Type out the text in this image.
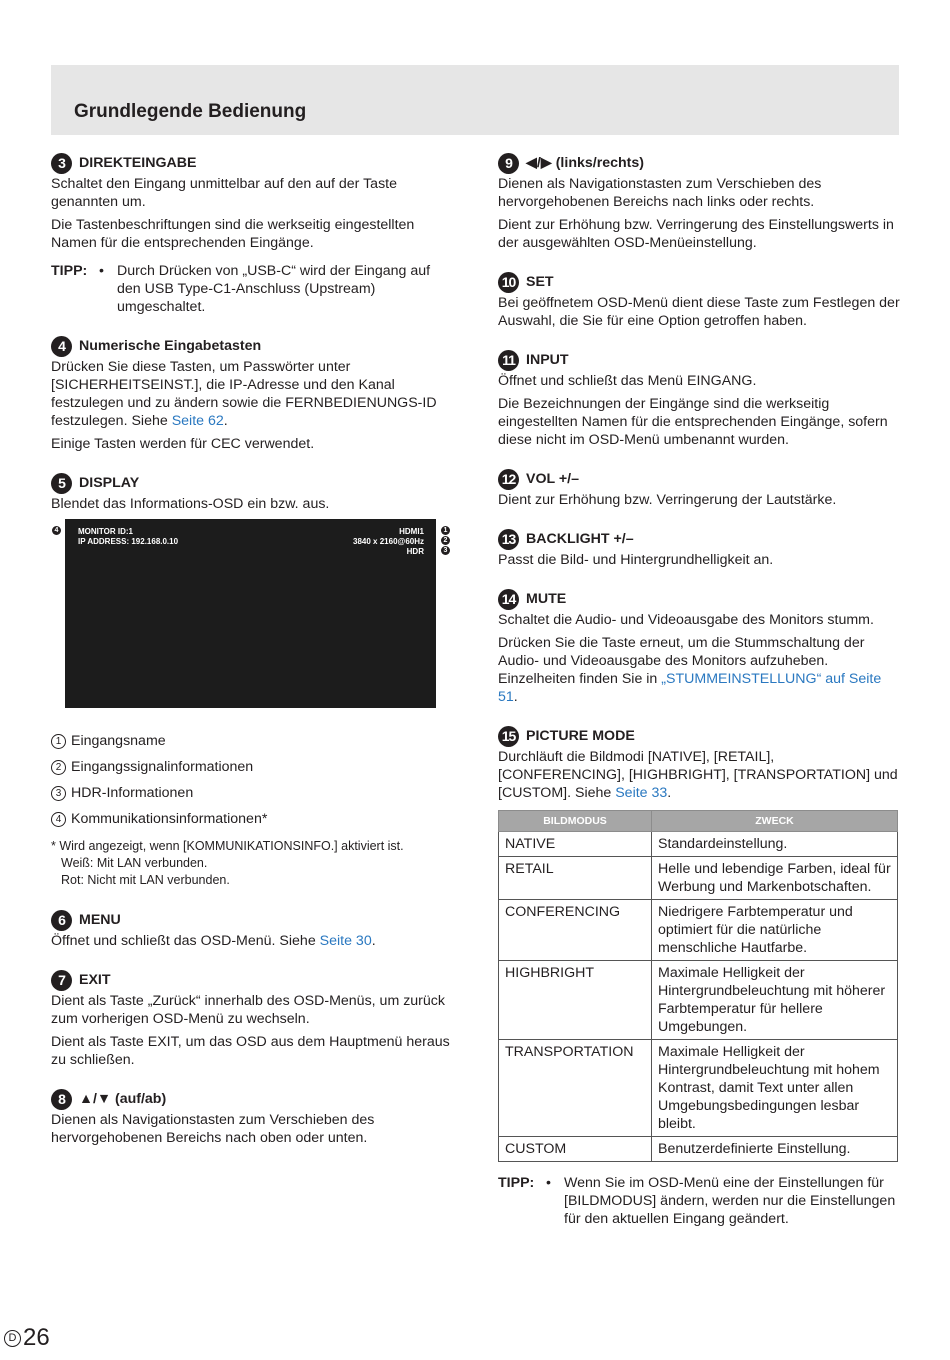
Grundlegende Bedienung
3 DIREKTEINGABE

Schaltet den Eingang unmittelbar auf den auf der Taste genannten um.

Die Tastenbeschriftungen sind die werkseitig eingestellten Namen für die entsprechenden Eingänge.

TIPP: • Durch Drücken von „USB-C“ wird der Eingang auf den USB Type-C1-Anschluss (Upstream) umgeschaltet.
4 Numerische Eingabetasten

Drücken Sie diese Tasten, um Passwörter unter [SICHERHEITSEINST.], die IP-Adresse und den Kanal festzulegen und zu ändern sowie die FERNBEDIENUNGS-ID festzulegen. Siehe Seite 62.

Einige Tasten werden für CEC verwendet.

5 DISPLAY

Blendet das Informations-OSD ein bzw. aus.

4	MONITOR ID:1
IP ADDRESS: 192.168.0.10
HDMI1
3840 x 2160@60Hz
HDR
1
2
3
1 Eingangsname
2 Eingangssignalinformationen
3 HDR-Informationen
4 Kommunikationsinformationen*
* Wird angezeigt, wenn [KOMMUNIKATIONSINFO.] aktiviert ist.
Weiß: Mit LAN verbunden.
Rot: Nicht mit LAN verbunden.
6 MENU

Öffnet und schließt das OSD-Menü. Siehe Seite 30.

7 EXIT

Dient als Taste „Zurück“ innerhalb des OSD-Menüs, um zurück zum vorherigen OSD-Menü zu wechseln.

Dient als Taste EXIT, um das OSD aus dem Hauptmenü heraus zu schließen.

8 ▲/▼ (auf/ab)

Dienen als Navigationstasten zum Verschieben des hervorgehobenen Bereichs nach oben oder unten.

9 ◀/▶ (links/rechts)

Dienen als Navigationstasten zum Verschieben des hervorgehobenen Bereichs nach links oder rechts.

Dient zur Erhöhung bzw. Verringerung des Einstellungswerts in der ausgewählten OSD-Menüeinstellung.

10 SET

Bei geöffnetem OSD-Menü dient diese Taste zum Festlegen der Auswahl, die Sie für eine Option getroffen haben.

11 INPUT

Öffnet und schließt das Menü EINGANG.

Die Bezeichnungen der Eingänge sind die werkseitig eingestellten Namen für die entsprechenden Eingänge, sofern diese nicht im OSD-Menü umbenannt wurden.

12 VOL +/–

Dient zur Erhöhung bzw. Verringerung der Lautstärke.

13 BACKLIGHT +/–

Passt die Bild- und Hintergrundhelligkeit an.

14 MUTE

Schaltet die Audio- und Videoausgabe des Monitors stumm.

Drücken Sie die Taste erneut, um die Stummschaltung der Audio- und Videoausgabe des Monitors aufzuheben. Einzelheiten finden Sie in „STUMMEINSTELLUNG“ auf Seite 51.

15 PICTURE MODE

Durchläuft die Bildmodi [NATIVE], [RETAIL], [CONFERENCING], [HIGHBRIGHT], [TRANSPORTATION] und [CUSTOM]. Siehe Seite 33.

BILDMODUS	ZWECK
NATIVE	Standardeinstellung.
RETAIL	Helle und lebendige Farben, ideal für Werbung und Markenbotschaften.
CONFERENCING	Niedrigere Farbtemperatur und optimiert für die natürliche menschliche Hautfarbe.
HIGHBRIGHT	Maximale Helligkeit der Hintergrundbeleuchtung mit höherer Farbtemperatur für hellere Umgebungen.
TRANSPORTATION	Maximale Helligkeit der Hintergrundbeleuchtung mit hohem Kontrast, damit Text unter allen Umgebungsbedingungen lesbar bleibt.
CUSTOM	Benutzerdefinierte Einstellung.
TIPP: • Wenn Sie im OSD-Menü eine der Einstellungen für [BILDMODUS] ändern, werden nur die Einstellungen für den aktuellen Eingang geändert.
D 26
